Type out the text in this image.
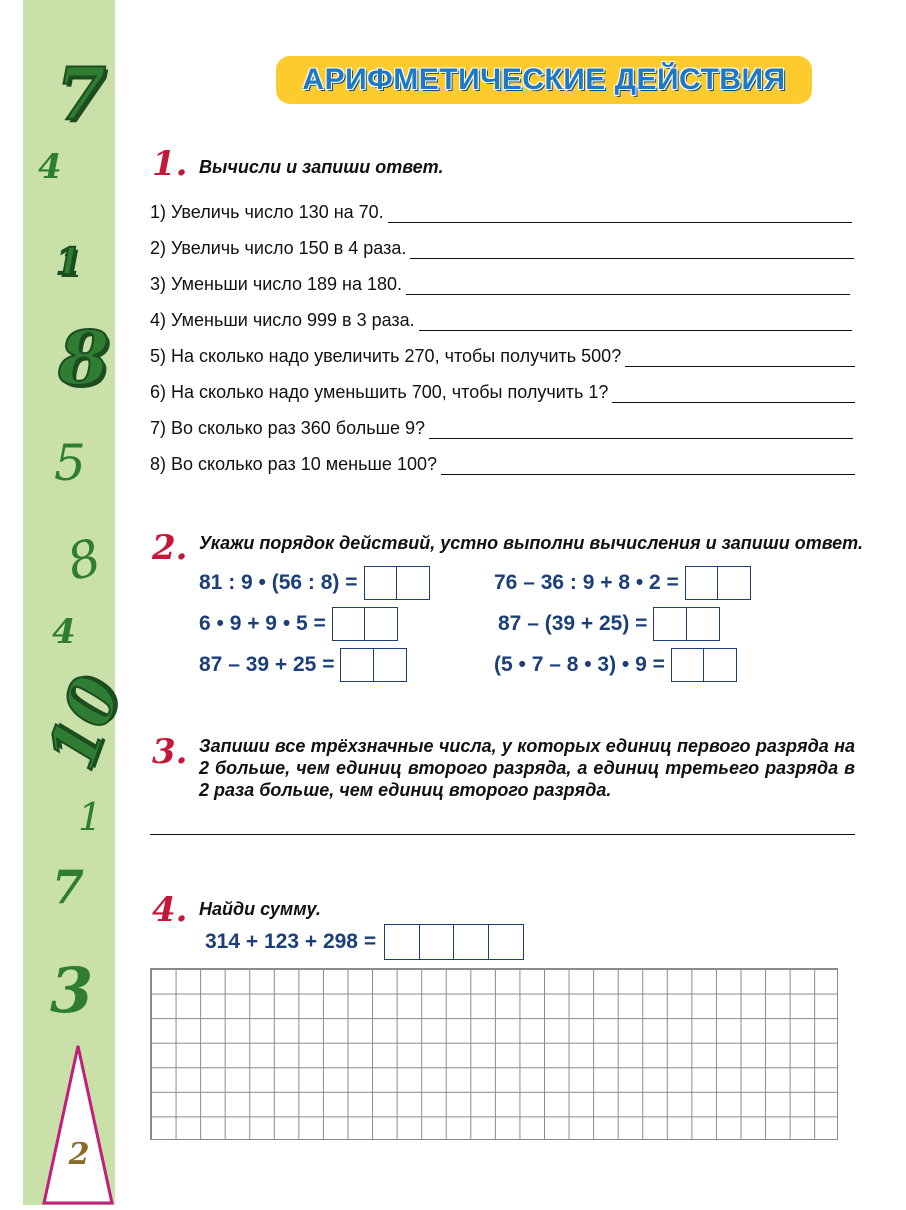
7
4
1
8
5
8
4
10
1
7
3
2
АРИФМЕТИЧЕСКИЕ ДЕЙСТВИЯ
1. Вычисли и запиши ответ.
1) Увеличь число 130 на 70.
2) Увеличь число 150 в 4 раза.
3) Уменьши число 189 на 180.
4) Уменьши число 999 в 3 раза.
5) На сколько надо увеличить 270, чтобы получить 500?
6) На сколько надо уменьшить 700, чтобы получить 1?
7) Во сколько раз 360 больше 9?
8) Во сколько раз 10 меньше 100?
2. Укажи порядок действий, устно выполни вычисления и запиши ответ.
81 : 9 • (56 : 8) =	76 – 36 : 9 + 8 • 2 =
6 • 9 + 9 • 5 =	87 – (39 + 25) =
87 – 39 + 25 =	(5 • 7 – 8 • 3) • 9 =
3. Запиши все трёхзначные числа, у которых единиц первого разряда на 2 больше, чем единиц второго разряда, а единиц третьего разряда в 2 раза больше, чем единиц второго разряда.
4. Найди сумму.
314 + 123 + 298 =
